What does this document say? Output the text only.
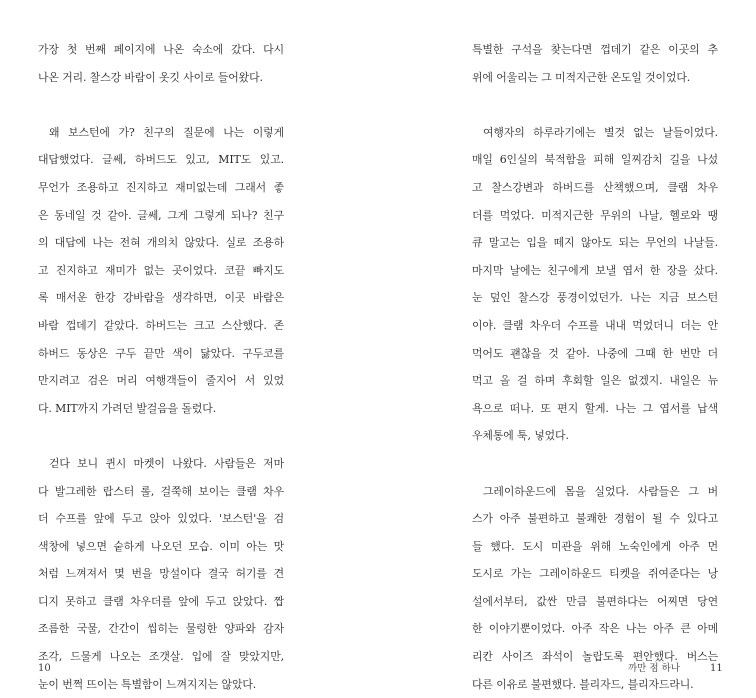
가장 첫 번째 페이지에 나온 숙소에 갔다. 다시
나온 거리. 찰스강 바람이 옷깃 사이로 들어왔다.
왜 보스턴에 가? 친구의 질문에 나는 이렇게
대답했었다. 글쎄, 하버드도 있고, MIT도 있고.
무언가 조용하고 진지하고 재미없는데 그래서 좋
은 동네일 것 같아. 글쎄, 그게 그렇게 되나? 친구
의 대답에 나는 전혀 개의치 않았다. 실로 조용하
고 진지하고 재미가 없는 곳이었다. 코끝 빠지도
록 매서운 한강 강바람을 생각하면, 이곳 바람은
바람 껍데기 같았다. 하버드는 크고 스산했다. 존
하버드 동상은 구두 끝만 색이 닳았다. 구두코를
만지려고 검은 머리 여행객들이 줄지어 서 있었
다. MIT까지 가려던 발걸음을 돌렸다.
걷다 보니 퀸시 마켓이 나왔다. 사람들은 저마
다 발그레한 랍스터 롤, 걸쭉해 보이는 클램 차우
더 수프를 앞에 두고 앉아 있었다. '보스턴'을 검
색창에 넣으면 숱하게 나오던 모습. 이미 아는 맛
처럼 느껴져서 몇 번을 망설이다 결국 허기를 견
디지 못하고 클램 차우더를 앞에 두고 앉았다. 짭
조름한 국물, 간간이 씹히는 물렁한 양파와 감자
조각, 드물게 나오는 조갯살. 입에 잘 맞았지만,
눈이 번쩍 뜨이는 특별함이 느껴지지는 않았다.
10
특별한 구석을 찾는다면 껍데기 같은 이곳의 추
위에 어울리는 그 미적지근한 온도일 것이었다.
여행자의 하루라기에는 별것 없는 날들이었다.
매일 6인실의 북적함을 피해 일찌감치 길을 나섰
고 찰스강변과 하버드를 산책했으며, 클램 차우
더를 먹었다. 미적지근한 무위의 나날, 헬로와 땡
큐 말고는 입을 떼지 않아도 되는 무언의 나날들.
마지막 날에는 친구에게 보낼 엽서 한 장을 샀다.
눈 덮인 찰스강 풍경이었던가. 나는 지금 보스턴
이야. 클램 차우더 수프를 내내 먹었더니 더는 안
먹어도 괜찮을 것 같아. 나중에 그때 한 번만 더
먹고 올 걸 하며 후회할 일은 없겠지. 내일은 뉴
욕으로 떠나. 또 편지 할게. 나는 그 엽서를 납색
우체통에 툭, 넣었다.
그레이하운드에 몸을 실었다. 사람들은 그 버
스가 아주 불편하고 불쾌한 경험이 될 수 있다고
들 했다. 도시 미관을 위해 노숙인에게 아주 먼
도시로 가는 그레이하운드 티켓을 쥐여준다는 낭
설에서부터, 값싼 만큼 불편하다는 어찌면 당연
한 이야기뿐이었다. 아주 작은 나는 아주 큰 아메
리칸 사이즈 좌석이 놀랍도록 편안했다. 버스는
다른 이유로 불편했다. 블리자드, 블리자드라니.
까만 점 하나	11
